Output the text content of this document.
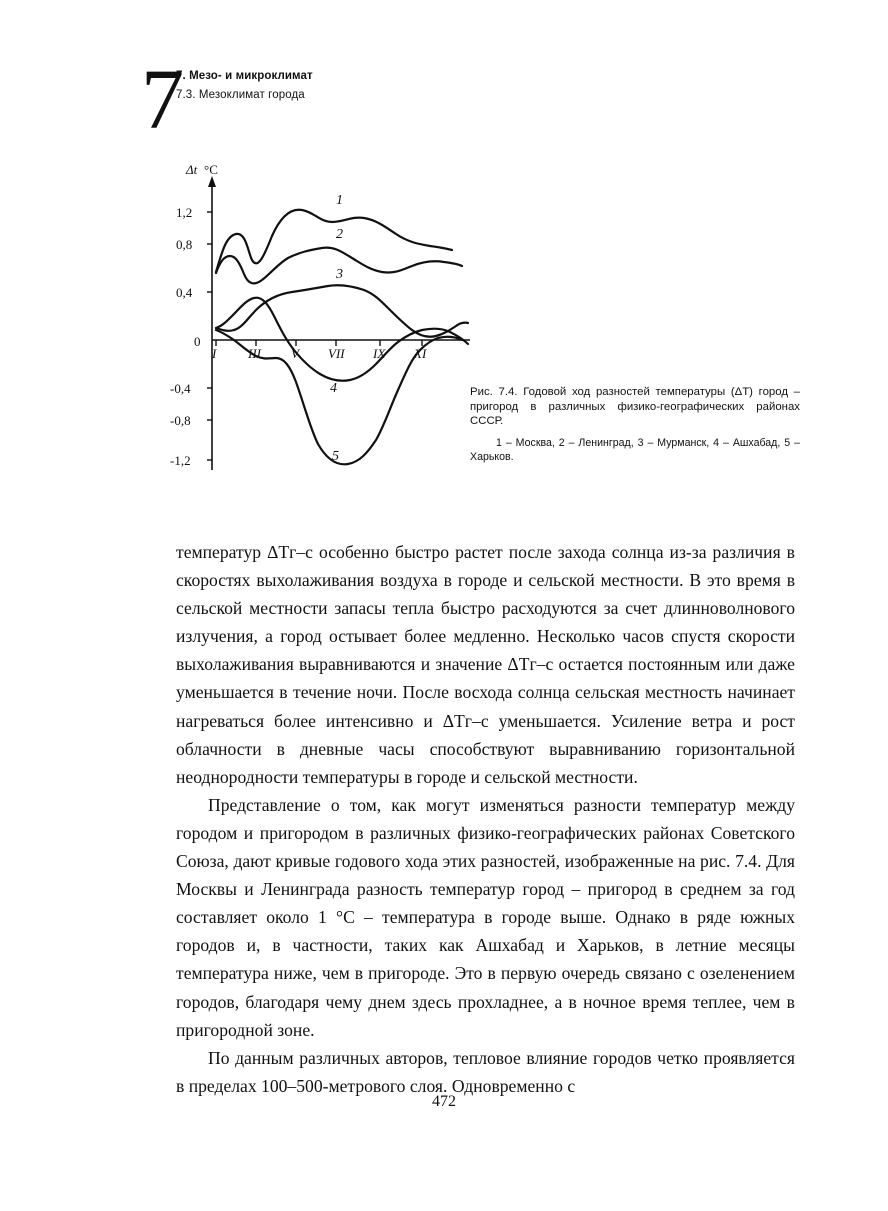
7
7. Мезо- и микроклимат
7.3. Мезоклимат города
Δt °C
1,2
0,8
0,4
0
-0,4
-0,8
-1,2
I III V VII IX XI
1
2
3
4
5
Рис. 7.4. Годовой ход разностей температуры (ΔT) город – пригород в различных физико-географических районах СССР.
1 – Москва, 2 – Ленинград, 3 – Мурманск, 4 – Ашхабад, 5 – Харьков.

температур ΔTг–с особенно быстро растет после захода солнца из-за различия в скоростях выхолаживания воздуха в городе и сельской местности. В это время в сельской местности запасы тепла быстро расходуются за счет длинноволнового излучения, а город остывает более медленно. Несколько часов спустя скорости выхолаживания выравниваются и значение ΔTг–с остается постоянным или даже уменьшается в течение ночи. После восхода солнца сельская местность начинает нагреваться более интенсивно и ΔTг–с уменьшается. Усиление ветра и рост облачности в дневные часы способствуют выравниванию горизонтальной неоднородности температуры в городе и сельской местности.

Представление о том, как могут изменяться разности температур между городом и пригородом в различных физико-географических районах Советского Союза, дают кривые годового хода этих разностей, изображенные на рис. 7.4. Для Москвы и Ленинграда разность температур город – пригород в среднем за год составляет около 1 °C – температура в городе выше. Однако в ряде южных городов и, в частности, таких как Ашхабад и Харьков, в летние месяцы температура ниже, чем в пригороде. Это в первую очередь связано с озеленением городов, благодаря чему днем здесь прохладнее, а в ночное время теплее, чем в пригородной зоне.

По данным различных авторов, тепловое влияние городов четко проявляется в пределах 100–500-метрового слоя. Одновременно с

472
